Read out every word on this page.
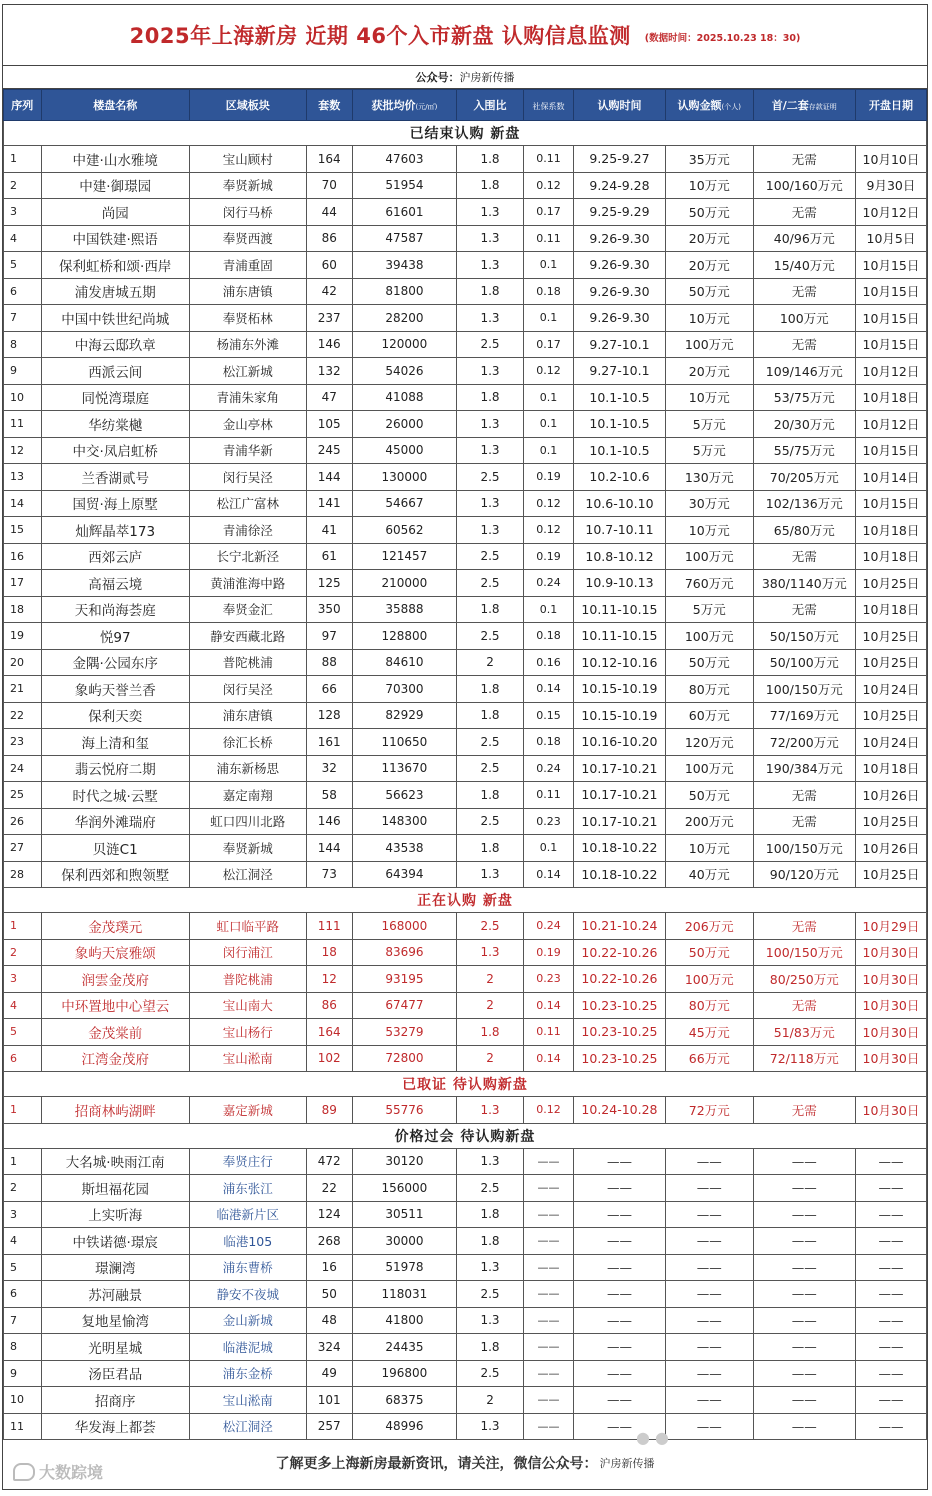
2025年上海新房 近期 46个入市新盘 认购信息监测 (数据时间：2025.10.23 18：30)
公众号： 沪房新传播
序列	楼盘名称	区域板块	套数	获批均价(元/㎡)	入围比	社保系数	认购时间	认购金额(个人)	首/二套存款证明	开盘日期
已结束认购 新盘										
1	中建·山水雅境	宝山顾村	164	47603	1.8	0.11	9.25-9.27	35万元	无需	10月10日
2	中建·御璟园	奉贤新城	70	51954	1.8	0.12	9.24-9.28	10万元	100/160万元	9月30日
3	尚园	闵行马桥	44	61601	1.3	0.17	9.25-9.29	50万元	无需	10月12日
4	中国铁建·熙语	奉贤西渡	86	47587	1.3	0.11	9.26-9.30	20万元	40/96万元	10月5日
5	保利虹桥和颂·西岸	青浦重固	60	39438	1.3	0.1	9.26-9.30	20万元	15/40万元	10月15日
6	浦发唐城五期	浦东唐镇	42	81800	1.8	0.18	9.26-9.30	50万元	无需	10月15日
7	中国中铁世纪尚城	奉贤柘林	237	28200	1.3	0.1	9.26-9.30	10万元	100万元	10月15日
8	中海云邸玖章	杨浦东外滩	146	120000	2.5	0.17	9.27-10.1	100万元	无需	10月15日
9	西派云间	松江新城	132	54026	1.3	0.12	9.27-10.1	20万元	109/146万元	10月12日
10	同悦湾璟庭	青浦朱家角	47	41088	1.8	0.1	10.1-10.5	10万元	53/75万元	10月18日
11	华纺棠樾	金山亭林	105	26000	1.3	0.1	10.1-10.5	5万元	20/30万元	10月12日
12	中交·凤启虹桥	青浦华新	245	45000	1.3	0.1	10.1-10.5	5万元	55/75万元	10月15日
13	兰香湖贰号	闵行吴泾	144	130000	2.5	0.19	10.2-10.6	130万元	70/205万元	10月14日
14	国贸·海上原墅	松江广富林	141	54667	1.3	0.12	10.6-10.10	30万元	102/136万元	10月15日
15	灿辉晶萃173	青浦徐泾	41	60562	1.3	0.12	10.7-10.11	10万元	65/80万元	10月18日
16	西郊云庐	长宁北新泾	61	121457	2.5	0.19	10.8-10.12	100万元	无需	10月18日
17	高福云境	黄浦淮海中路	125	210000	2.5	0.24	10.9-10.13	760万元	380/1140万元	10月25日
18	天和尚海荟庭	奉贤金汇	350	35888	1.8	0.1	10.11-10.15	5万元	无需	10月18日
19	悦97	静安西藏北路	97	128800	2.5	0.18	10.11-10.15	100万元	50/150万元	10月25日
20	金隅·公园东序	普陀桃浦	88	84610	2	0.16	10.12-10.16	50万元	50/100万元	10月25日
21	象屿天誉兰香	闵行吴泾	66	70300	1.8	0.14	10.15-10.19	80万元	100/150万元	10月24日
22	保利天奕	浦东唐镇	128	82929	1.8	0.15	10.15-10.19	60万元	77/169万元	10月25日
23	海上清和玺	徐汇长桥	161	110650	2.5	0.18	10.16-10.20	120万元	72/200万元	10月24日
24	翡云悦府二期	浦东新杨思	32	113670	2.5	0.24	10.17-10.21	100万元	190/384万元	10月18日
25	时代之城·云墅	嘉定南翔	58	56623	1.8	0.11	10.17-10.21	50万元	无需	10月26日
26	华润外滩瑞府	虹口四川北路	146	148300	2.5	0.23	10.17-10.21	200万元	无需	10月25日
27	贝涟C1	奉贤新城	144	43538	1.8	0.1	10.18-10.22	10万元	100/150万元	10月26日
28	保利西郊和煦领墅	松江洞泾	73	64394	1.3	0.14	10.18-10.22	40万元	90/120万元	10月25日
正在认购 新盘										
1	金茂璞元	虹口临平路	111	168000	2.5	0.24	10.21-10.24	206万元	无需	10月29日
2	象屿天宸雅颂	闵行浦江	18	83696	1.3	0.19	10.22-10.26	50万元	100/150万元	10月30日
3	润雲金茂府	普陀桃浦	12	93195	2	0.23	10.22-10.26	100万元	80/250万元	10月30日
4	中环置地中心望云	宝山南大	86	67477	2	0.14	10.23-10.25	80万元	无需	10月30日
5	金茂棠前	宝山杨行	164	53279	1.8	0.11	10.23-10.25	45万元	51/83万元	10月30日
6	江湾金茂府	宝山淞南	102	72800	2	0.14	10.23-10.25	66万元	72/118万元	10月30日
已取证 待认购新盘										
1	招商林屿湖畔	嘉定新城	89	55776	1.3	0.12	10.24-10.28	72万元	无需	10月30日
价格过会 待认购新盘										
1	大名城·映雨江南	奉贤庄行	472	30120	1.3	——	——	——	——	——
2	斯坦福花园	浦东张江	22	156000	2.5	——	——	——	——	——
3	上实听海	临港新片区	124	30511	1.8	——	——	——	——	——
4	中铁诺德·璟宸	临港105	268	30000	1.8	——	——	——	——	——
5	璟澜湾	浦东曹桥	16	51978	1.3	——	——	——	——	——
6	苏河融景	静安不夜城	50	118031	2.5	——	——	——	——	——
7	复地星愉湾	金山新城	48	41800	1.3	——	——	——	——	——
8	光明星城	临港泥城	324	24435	1.8	——	——	——	——	——
9	汤臣君品	浦东金桥	49	196800	2.5	——	——	——	——	——
10	招商序	宝山淞南	101	68375	2	——	——	——	——	——
11	华发海上都荟	松江洞泾	257	48996	1.3	——	——	——	——	——
● ●
了解更多上海新房最新资讯，请关注，微信公众号： 沪房新传播
大数踪境
